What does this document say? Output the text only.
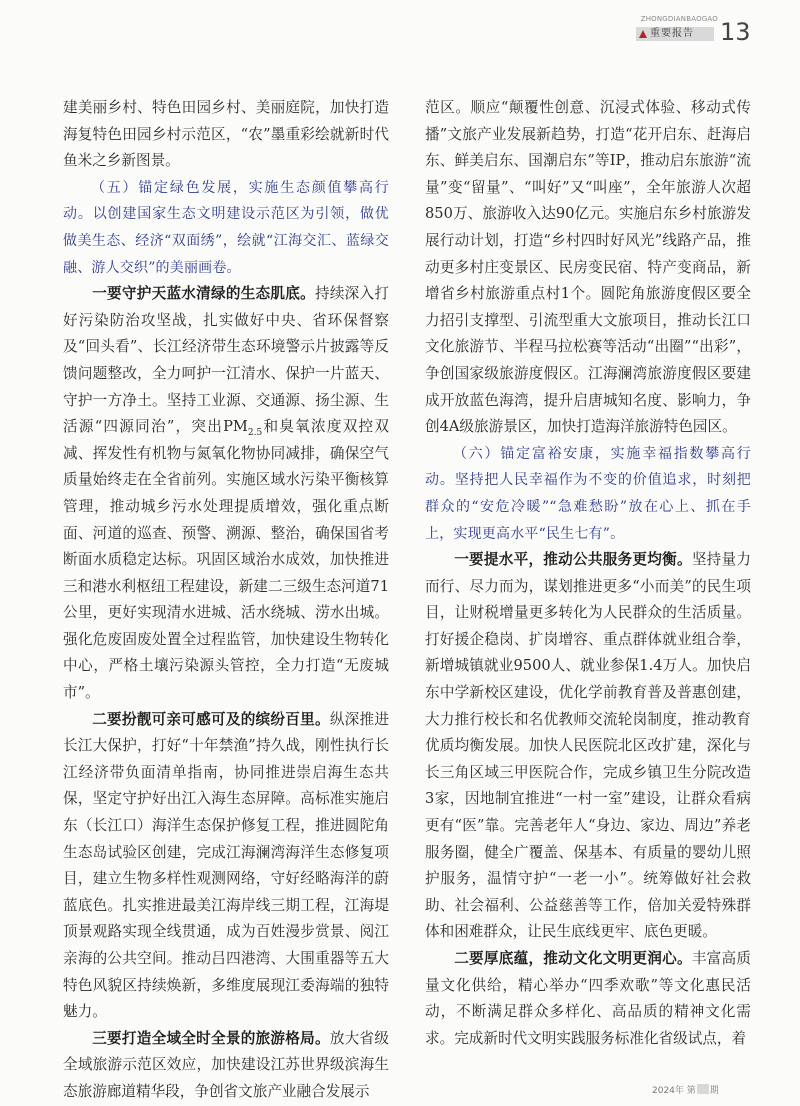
ZHONGDIANBAOGAO
重要报告 13

建美丽乡村、特色田园乡村、美丽庭院，加快打造海复特色田园乡村示范区，“农”墨重彩绘就新时代鱼米之乡新图景。

（五）锚定绿色发展，实施生态颜值攀高行动。以创建国家生态文明建设示范区为引领，做优做美生态、经济“双面绣”，绘就“江海交汇、蓝绿交融、游人交织”的美丽画卷。

一要守护天蓝水清绿的生态肌底。持续深入打好污染防治攻坚战，扎实做好中央、省环保督察及“回头看”、长江经济带生态环境警示片披露等反馈问题整改，全力呵护一江清水、保护一片蓝天、守护一方净土。坚持工业源、交通源、扬尘源、生活源“四源同治”，突出$PM_{2.5}$和臭氧浓度双控双减、挥发性有机物与氮氧化物协同减排，确保空气质量始终走在全省前列。实施区域水污染平衡核算管理，推动城乡污水处理提质增效，强化重点断面、河道的巡查、预警、溯源、整治，确保国省考断面水质稳定达标。巩固区域治水成效，加快推进三和港水利枢纽工程建设，新建二三级生态河道71公里，更好实现清水进城、活水绕城、涝水出城。强化危废固废处置全过程监管，加快建设生物转化中心，严格土壤污染源头管控，全力打造“无废城市”。

二要扮靓可亲可感可及的缤纷百里。纵深推进长江大保护，打好“十年禁渔”持久战，刚性执行长江经济带负面清单指南，协同推进崇启海生态共保，坚定守护好出江入海生态屏障。高标准实施启东（长江口）海洋生态保护修复工程，推进圆陀角生态岛试验区创建，完成江海澜湾海洋生态修复项目，建立生物多样性观测网络，守好经略海洋的蔚蓝底色。扎实推进最美江海岸线三期工程，江海堤顶景观路实现全线贯通，成为百姓漫步赏景、阅江亲海的公共空间。推动吕四港湾、大围重器等五大特色风貌区持续焕新，多维度展现江委海端的独特魅力。

三要打造全域全时全景的旅游格局。放大省级全域旅游示范区效应，加快建设江苏世界级滨海生态旅游廊道精华段，争创省文旅产业融合发展示

范区。顺应“颠覆性创意、沉浸式体验、移动式传播”文旅产业发展新趋势，打造“花开启东、赶海启东、鲜美启东、国潮启东”等IP，推动启东旅游“流量”变“留量”、“叫好”又“叫座”，全年旅游人次超850万、旅游收入达90亿元。实施启东乡村旅游发展行动计划，打造“乡村四时好风光”线路产品，推动更多村庄变景区、民房变民宿、特产变商品，新增省乡村旅游重点村1个。圆陀角旅游度假区要全力招引支撑型、引流型重大文旅项目，推动长江口文化旅游节、半程马拉松赛等活动“出圈”“出彩”，争创国家级旅游度假区。江海澜湾旅游度假区要建成开放蓝色海湾，提升启唐城知名度、影响力，争创4A级旅游景区，加快打造海洋旅游特色园区。

（六）锚定富裕安康，实施幸福指数攀高行动。坚持把人民幸福作为不变的价值追求，时刻把群众的“安危冷暖”“急难愁盼”放在心上、抓在手上，实现更高水平“民生七有”。

一要提水平，推动公共服务更均衡。坚持量力而行、尽力而为，谋划推进更多“小而美”的民生项目，让财税增量更多转化为人民群众的生活质量。打好援企稳岗、扩岗增容、重点群体就业组合拳，新增城镇就业9500人、就业参保1.4万人。加快启东中学新校区建设，优化学前教育普及普惠创建，大力推行校长和名优教师交流轮岗制度，推动教育优质均衡发展。加快人民医院北区改扩建，深化与长三角区域三甲医院合作，完成乡镇卫生分院改造3家，因地制宜推进“一村一室”建设，让群众看病更有“医”靠。完善老年人“身边、家边、周边”养老服务圈，健全广覆盖、保基本、有质量的婴幼儿照护服务，温情守护“一老一小”。统筹做好社会救助、社会福利、公益慈善等工作，倍加关爱特殊群体和困难群众，让民生底线更牢、底色更暖。

二要厚底蕴，推动文化文明更润心。丰富高质量文化供给，精心举办“四季欢歌”等文化惠民活动，不断满足群众多样化、高品质的精神文化需求。完成新时代文明实践服务标准化省级试点，着

2024年 第 期
